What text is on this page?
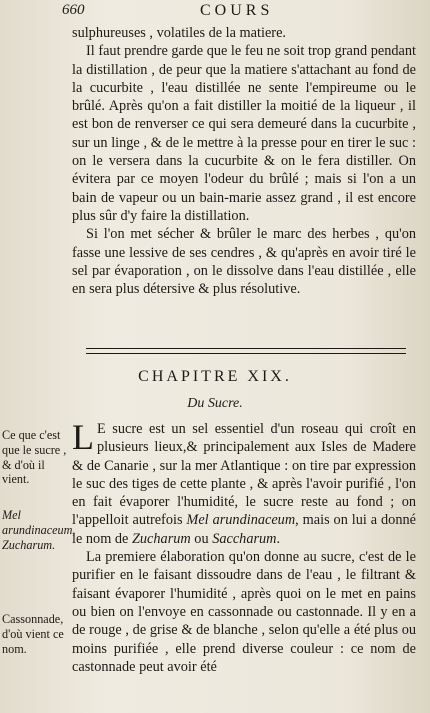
660	COURS

sulphureuses , volatiles de la matiere.

Il faut prendre garde que le feu ne soit trop grand pendant la distillation , de peur que la matiere s'attachant au fond de la cucurbite , l'eau distillée ne sente l'empireume ou le brûlé. Après qu'on a fait distiller la moitié de la liqueur , il est bon de renverser ce qui sera demeuré dans la cucurbite , sur un linge , & de le mettre à la presse pour en tirer le suc : on le versera dans la cucurbite & on le fera distiller. On évitera par ce moyen l'odeur du brûlé ; mais si l'on a un bain de vapeur ou un bain-marie assez grand , il est encore plus sûr d'y faire la distillation.

Si l'on met sécher & brûler le marc des herbes , qu'on fasse une lessive de ses cendres , & qu'après en avoir tiré le sel par évaporation , on le dissolve dans l'eau distillée , elle en sera plus détersive & plus résolutive.

CHAPITRE XIX.
Du Sucre.

L E sucre est un sel essentiel d'un roseau qui croît en plusieurs lieux,& principalement aux Isles de Madere & de Canarie , sur la mer Atlantique : on tire par expression le suc des tiges de cette plante , & après l'avoir purifié , l'on en fait évaporer l'humidité, le sucre reste au fond ; on l'appelloit autrefois Mel arundinaceum, mais on lui a donné le nom de Zucharum ou Saccharum.

La premiere élaboration qu'on donne au sucre, c'est de le purifier en le faisant dissoudre dans de l'eau , le filtrant & faisant évaporer l'humidité , après quoi on le met en pains ou bien on l'envoye en cassonnade ou castonnade. Il y en a de rouge , de grise & de blanche , selon qu'elle a été plus ou moins purifiée , elle prend diverse couleur : ce nom de castonnade peut avoir été

Ce que c'est que le sucre , & d'où il vient.

Mel arundinaceum, Zucharum.

Cassonnade, d'où vient ce nom.
